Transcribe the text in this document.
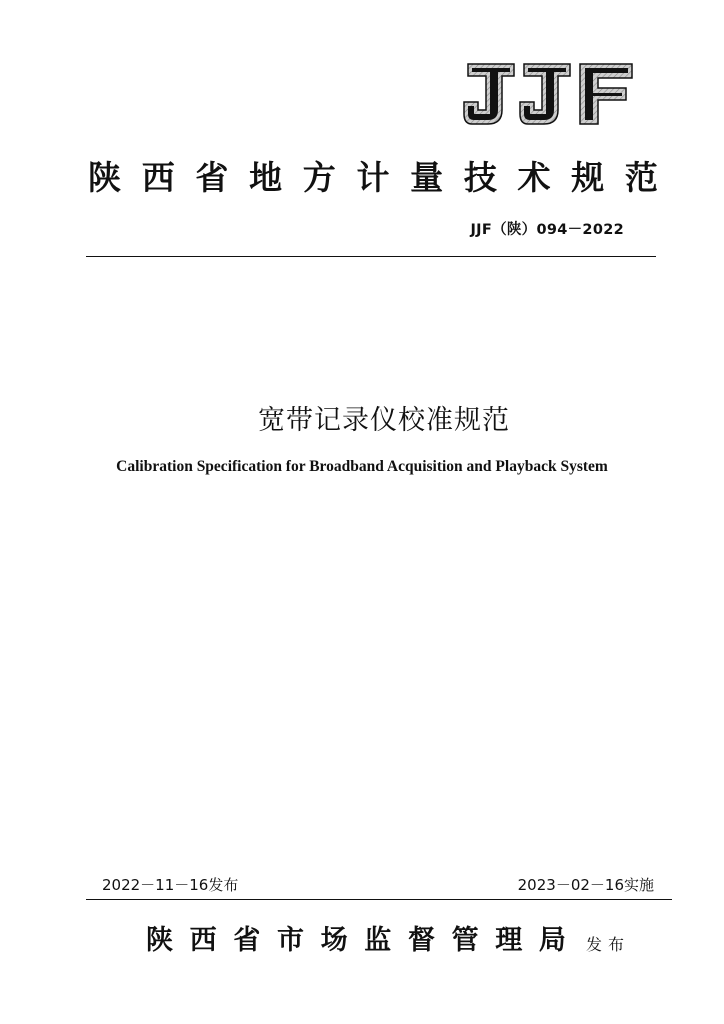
陕 西 省 地 方 计 量 技 术 规 范
JJF（陕）094－2022
宽带记录仪校准规范
Calibration Specification for Broadband Acquisition and Playback System
2022－11－16发布	2023－02－16实施
陕 西 省 市 场 监 督 管 理 局 发布
